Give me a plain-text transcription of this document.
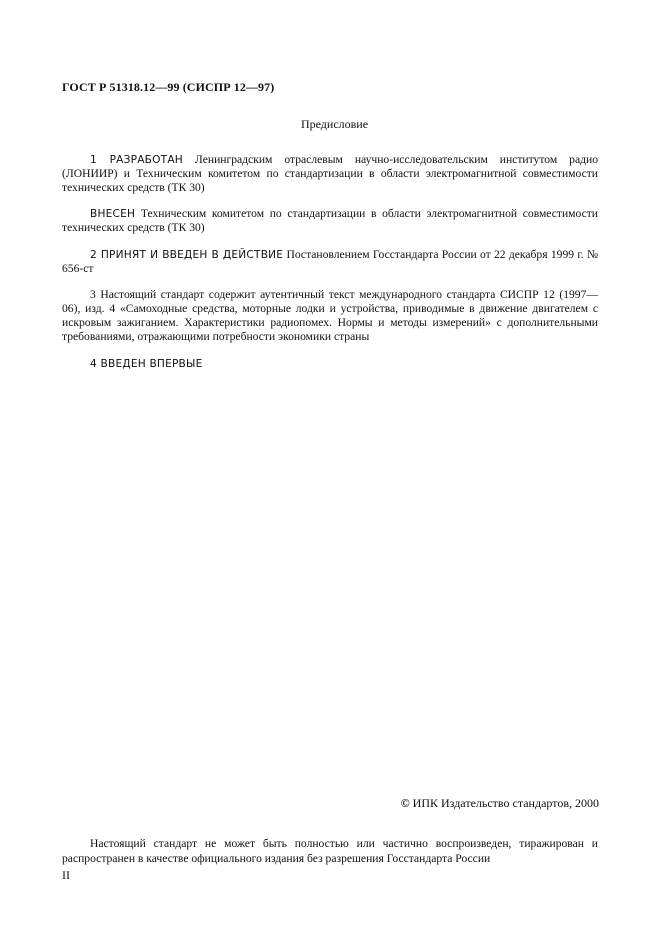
ГОСТ Р 51318.12—99 (СИСПР 12—97)
Предисловие

1 РАЗРАБОТАН Ленинградским отраслевым научно-исследовательским институтом радио (ЛОНИИР) и Техническим комитетом по стандартизации в области электромагнитной совместимости технических средств (ТК 30)

ВНЕСЕН Техническим комитетом по стандартизации в области электромагнитной совместимости технических средств (ТК 30)

2 ПРИНЯТ И ВВЕДЕН В ДЕЙСТВИЕ Постановлением Госстандарта России от 22 декабря 1999 г. № 656-ст

3 Настоящий стандарт содержит аутентичный текст международного стандарта СИСПР 12 (1997—06), изд. 4 «Самоходные средства, моторные лодки и устройства, приводимые в движение двигателем с искровым зажиганием. Характеристики радиопомех. Нормы и методы измерений» с дополнительными требованиями, отражающими потребности экономики страны

4 ВВЕДЕН ВПЕРВЫЕ

© ИПК Издательство стандартов, 2000

Настоящий стандарт не может быть полностью или частично воспроизведен, тиражирован и распространен в качестве официального издания без разрешения Госстандарта России

II
